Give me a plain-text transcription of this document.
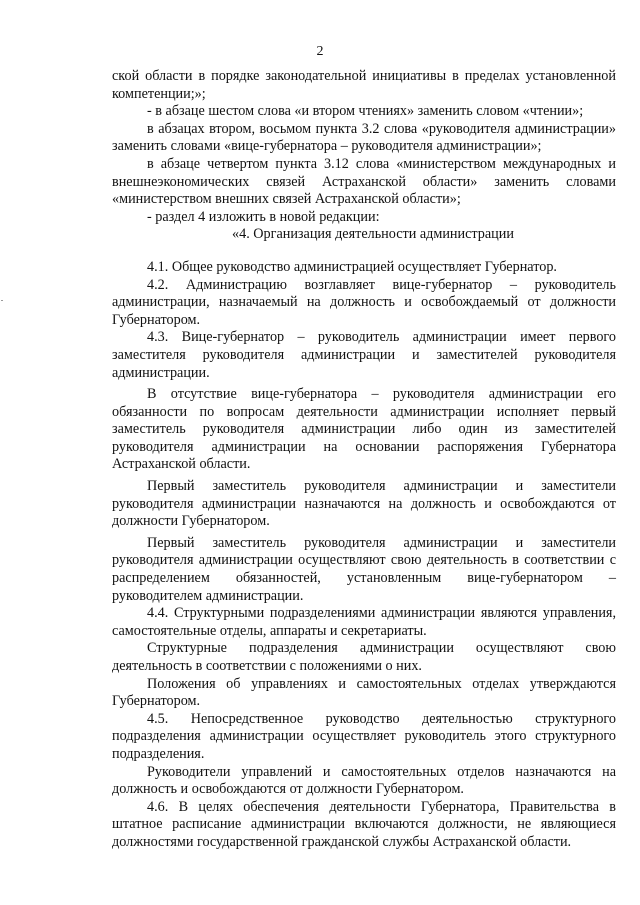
2

ской области в порядке законодательной инициативы в пределах установленной компетенции;»;

- в абзаце шестом слова «и втором чтениях» заменить словом «чтении»;

в абзацах втором, восьмом пункта 3.2 слова «руководителя администрации» заменить словами «вице-губернатора – руководителя администрации»;

в абзаце четвертом пункта 3.12 слова «министерством международных и внешнеэкономических связей Астраханской области» заменить словами «министерством внешних связей Астраханской области»;

- раздел 4 изложить в новой редакции:

«4. Организация деятельности администрации

4.1. Общее руководство администрацией осуществляет Губернатор.

4.2. Администрацию возглавляет вице-губернатор – руководитель администрации, назначаемый на должность и освобождаемый от должности Губернатором.

4.3. Вице-губернатор – руководитель администрации имеет первого заместителя руководителя администрации и заместителей руководителя администрации.

В отсутствие вице-губернатора – руководителя администрации его обязанности по вопросам деятельности администрации исполняет первый заместитель руководителя администрации либо один из заместителей руководителя администрации на основании распоряжения Губернатора Астраханской области.

Первый заместитель руководителя администрации и заместители руководителя администрации назначаются на должность и освобождаются от должности Губернатором.

Первый заместитель руководителя администрации и заместители руководителя администрации осуществляют свою деятельность в соответствии с распределением обязанностей, установленным вице-губернатором – руководителем администрации.

4.4. Структурными подразделениями администрации являются управления, самостоятельные отделы, аппараты и секретариаты.

Структурные подразделения администрации осуществляют свою деятельность в соответствии с положениями о них.

Положения об управлениях и самостоятельных отделах утверждаются Губернатором.

4.5. Непосредственное руководство деятельностью структурного подразделения администрации осуществляет руководитель этого структурного подразделения.

Руководители управлений и самостоятельных отделов назначаются на должность и освобождаются от должности Губернатором.

4.6. В целях обеспечения деятельности Губернатора, Правительства в штатное расписание администрации включаются должности, не являющиеся должностями государственной гражданской службы Астраханской области.
